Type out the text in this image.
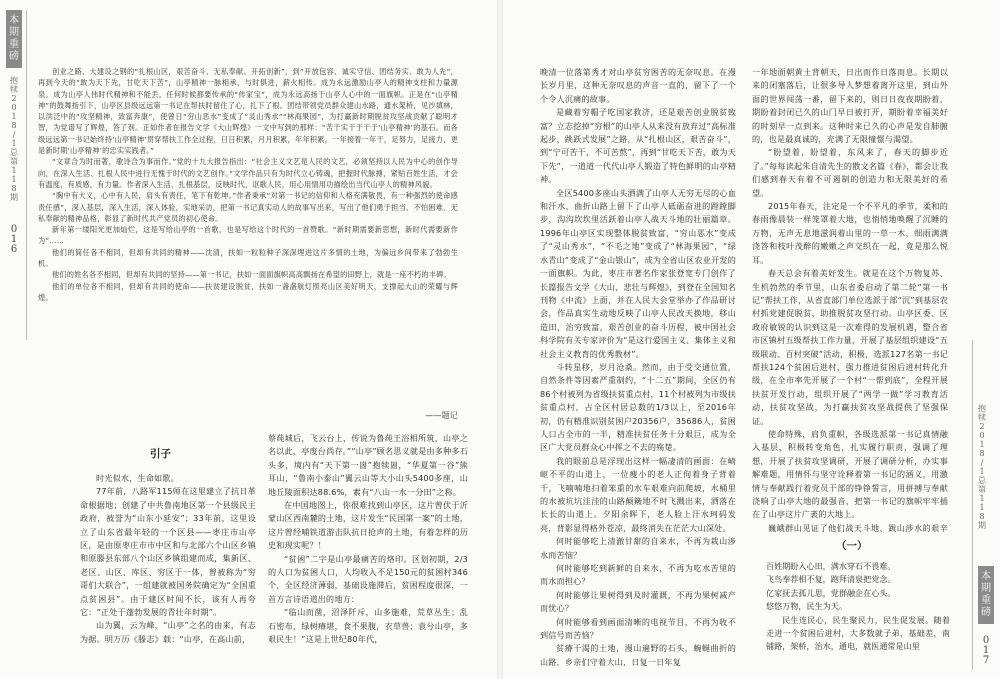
本
期
重
磅
抱
犊
2
0
1
8
/
1
总
第
1
1
8
期
0
1
6

创业之路，大建设之钢的“扎根山区，艰苦奋斗、无私奉献、开拓创新”，到“开放包容、诚实守信、团结务实、敢为人先”，再到今天的“敢为天下先，甘吃天下苦”，山亭精神一脉相承，与时俱进，薪火相传。成为永远激励山亭人的精神支柱和力量源泉。成为山亭人伟时代精神和不能丢，任何时候都要传承的“传家宝”，成为永远高扬于山亭人心中的一面旗帜。正是在“山亭精神”的鼓舞指引下，山亭区县级远远第一书记在帮扶时留住了心，扎下了根。团结带领党员群众建山水路，通水架桥，见沙填林，以洪泛中的“攻坚精神，致富奔康”，使曾日“穷山恶水”变成了“灵山秀水”“林海果园”，为打赢新时期脱贫攻坚战贡献了聪明才智，为党谱写了辉煌，答了剂。正如作者在报告文学《大山辉煌》一文中写到的那样：“苦干实干于干于‘山亭精神’的基石。而各级远远第一书记始终持‘山亭精神’贯穿帮扶工作全过程，日日积累，月月积累，年年积累，一年接着一年干，足努力，足接力，更是新时期‘山亭精神’的忠实实践者。”

“文章合为时而著，歌诗合为事而作。”党的十九大报告指出：“社会主义文艺是人民的文艺，必须坚持以人民为中心的创作导向，在深入生活、扎根人民中进行无愧于时代的文艺创作。”文学作品只有为时代立心铸魂，把握时代脉搏，紧贴百姓生活，才会有温度，有质感，有力量。作者深入生活，扎根基层，反映时代，讴歌人民，用心用情用功描绘出当代山亭人的精神风貌。

“胸中有大义，心中有人民，肩头有责任，笔下有乾坤。”作者秉承“对第一书记的信仰和人格充满敬畏，有一种强烈的使命感责任感”，深入基层，深入生活，深入体验，实地采访，把第一书记真实动人的故事写出来，写出了他们勇于担当、不怕困难、无私奉献的精神品格，彰显了新时代共产党员的初心使命。

新年第一缕阳光更加灿烂，这是写给山亭的一首歌，也是写给这个时代的一首赞歌。“新时期需要新思想，新时代需要新作为”……

他们的简任各不相同，但却有共同的精神——沈清，扶如一粒粒种子深深埋进这片多情的土地，为偏远乡间带来了勃勃生机。

他们的姓名各不相同，但却有共同的坚持——第一书记，扶如一面面旗帜高高飘扬在希望的田野上，就是一座不朽的丰碑。

他们的单位各不相同，但却有共同的使命——扶贫建设脱贫，扶如一盏盏航灯照亮山区美好明天，支撑起大山的荣耀与辉煌。

——题记
引子

时光似水，生命如歌。

77年前，八路军115师在这里建立了抗日革命根据地；创建了中共鲁南地区第一个县级民主政府，被誉为“山东小延安”；33年前，这里设立了山东省最年轻的一个区县——枣庄市山亭区，是由原枣庄市市中区和与北部六个山区乡镇和原滕县东部八个山区乡镇组建而成，集新区、老区、山区、库区、穷区于一体，曾被称为“穷哥们大联合”，一组建就被国务院确定为“全国重点贫困县”。由于建区时间不长，该有人再夸它：“正处于蓬勃发展的青壮年时期”。

山为翼，云为峰，“山亭”之名的由来，有志为据。明万历《滕志》载：“山亭，在高山前，

蔡莼城后，飞云台上，传说为鲁莼王浴相所筑，山亭之名以此，亭废台尚存。”“山亭”顾名思义就是由多种多石头多，境内有“天下第一崮”抱犊崮，“华夏第一谷”熊耳山，“鲁南小泰山”翼云山等大小山头5400多座，山地丘陵面积达88.6%，素有“八山一水一分田”之称。

在中国地图上，你很难找到山亭区，这片曾伏于沂蒙山区西南麓的土地，这片发生“民国第一案”的土地，这片曾经哺铁道游击队抗日抢声的土地，有着怎样的历史和现实呢？！

“贫困”二字是山亭最痛苦的烙印。区划初期，2/3的人口为贫困人口，人均收入不足150元的贫困村346个，全区经济薄弱，基础设施滞后，贫困程度很深，一首方言诗语道出的地方：

“临山而凿，沼泽阡斥，山多施难，荒草丛生；乱石密布，绿树瘠堪，食不果腹，衣草兽；袁兮山亭，多艰民生！”这是上世纪80年代，

晚清一位落第秀才对山亭贫穷困苦的无奈叹息。在漫长岁月里，这种无奈叹息的声音一直的，留下了一个个令人沉痛的故事。

是藏着穷帽子吃国家救济，还是艰苦创业脱贫致富？立志挖掉“穷根”的山亭人从来没有放弃过“高标准起步，跳跃式发展”之路，从“扎根山区，艰苦奋斗”，到“宁可苦干，不可苦熬”，再到“甘吃天下苦，敢为天下先”，一道道一代代山亭人锻造了特色鲜明的山亭精神。

全区5400多座山头洒满了山亭人无穷无尽的心血和汗水，曲折山路上留下了山亭人砥砺奋进的蹚蹚脚步，沟沟坎坎里活跃着山亭人战天斗地的壮丽篇章。1996年山亭区实现整体脱贫致富，“穷山恶水”变成了“灵山秀水”，“不毛之地”变成了“林海果园”，“绿水青山”变成了“金山银山”，成为全省山区农业开发的一面旗帜。为此，枣庄市著名作家张登宽专门创作了长篇报告文学《大山，悲壮与辉煌》，到登在全国知名刊物《中流》上面，并在人民大会堂举办了作品研讨会，作品真实生动地反映了山亭人民改天换地，移山造田，治穷致富，艰苦创业的奋斗历程，被中国社会科学院有关专家评价为“是这行爱国主义、集体主义和社会主义教育的优秀教材”。

斗转星移，岁月沧桑。然而，由于受交通位置，自然条件等因素严重制约，“十二五”期间，全区仍有86个村被列为省级扶贫重点村，11个村被列为市级扶贫重点村，占全区村居总数的1/3以上，至2016年初，仍有精准识别贫困户20356户，35686人，贫困人口占全市的一半，精准扶贫任务十分艰巨，成为全区广大党员群众心中挥之不去的殇楚。

我的眼前总是浮现出这样一幅凄清的画面：在崎岖不平的山道上，一位瘦小的老人正佝着身子背着千，飞喃喃地扫着笨重的水车艰难向前爬坡，水桶里的水被坑坑洼洼的山路颠簸地不时飞溅出来，洒落在长长的山道上。夕阳余晖下，老人脸上汗水珂码发亮，背影显得格外苍凉，最终消失在茫茫大山深处。

何时能够吃上清澈甘甜的自来水，不再为栽山涉水而苦恼？

何时能够吃到新鲜的自来水，不再为吃水苦里的而水而担心？

何时能够让果树得到及时灌溉，不再为果树减产而忧心？

何时能够看到画面清晰的电视节目，不再为收不到信号而苦恼？

贫瘠干渴的土地，漫山遍野的石头，蜿蜒曲折的山路，乡亲们守着大山，日复一日年复

一年地面朝黄土背朝天，日出而作日落而息。长期以来的闭塞落后，让很多导人梦想着离开这里，到山外面的世界闯荡一番，留下来的，则日日夜夜期盼着，期盼着封闭已久的山门早日被打开，期盼着幸福美好的时刻早一点到来。这种时来已久的心声是发自肺腑的，也是最真诚的，充满了无限憧憬与渴望。

“盼望着，盼望着，东风来了，春天的脚步近了。”每每读起朱自清先生的散文名篇《春》，都会让我们感到春天有着不可遏制的创造力和无限美好的希望。

2015年春天，注定是一个不平凡的季节，柔和的春雨像晨装一样笼罩着大地，也悄悄地唤醒了沉睡的万物，无声无息地滋润着山里的一草一木，细雨满满浇答和枝叶茂醉的嫩嫩之声交织在一起，竟是那么悦耳。

春天总会有着美好发生。就是在这个万物复苏、生机勃然的季节里，山东省委启动了第二轮“第一书记”帮扶工作，从省直部门单位选派于部“沉”到基层农村抓党建促脱贫，助推脱贫攻坚行动。山亭区委、区政府敏锐的认识到这是一次难得的发展机遇，整合省市区镇村五级帮扶工作力量，开展了基层组织建设“五级联动、百村突破”活动，积极，选派127名第一书记帮扶124个贫困后进村，强力推进贫困后进村转化升级，在全市率先开展了一个村“一帮到底”，全程开展扶贫开发行动，组织开展了“两学一做”学习教育活动，扶贫攻坚战，为打赢扶贫攻坚战提供了坚强保证。

使命特殊，肩负重帜，各级选派第一书记真情融入基层，积极转变角色，扎实履行职责，强调了理想，开展了扶贫攻坚调研，开展了调研分析，办实事解难题，用情怀与坚守诠释着第一书记的涵义，用激情与奉献践行着党员干部的铮铮誓言，用拼搏与奉献浇响了山亭大地的最强音，把第一书记的旗帜牢牢插在了山亭这片广袤的大地上。

巍峨群山见证了他们战天斗地、跋山涉水的艰辛

（一）
百姓期盼入心田，满水穿石不畏难。
飞鸟奉荐相不复，跑拜清泉把党念。
亿家抚去孤儿思，党群融企在心头。
悠悠万物，民生为天。
民生连民心，民生聚民力，民生促发展。随着走进一个贫困后进村，大多数就子弟，基础差，南铺路，架桥，治水，通电，就医通常是山里
抱
犊
2
0
1
8
/
1
总
第
1
1
8
期
本
期
重
磅
0
1
7
